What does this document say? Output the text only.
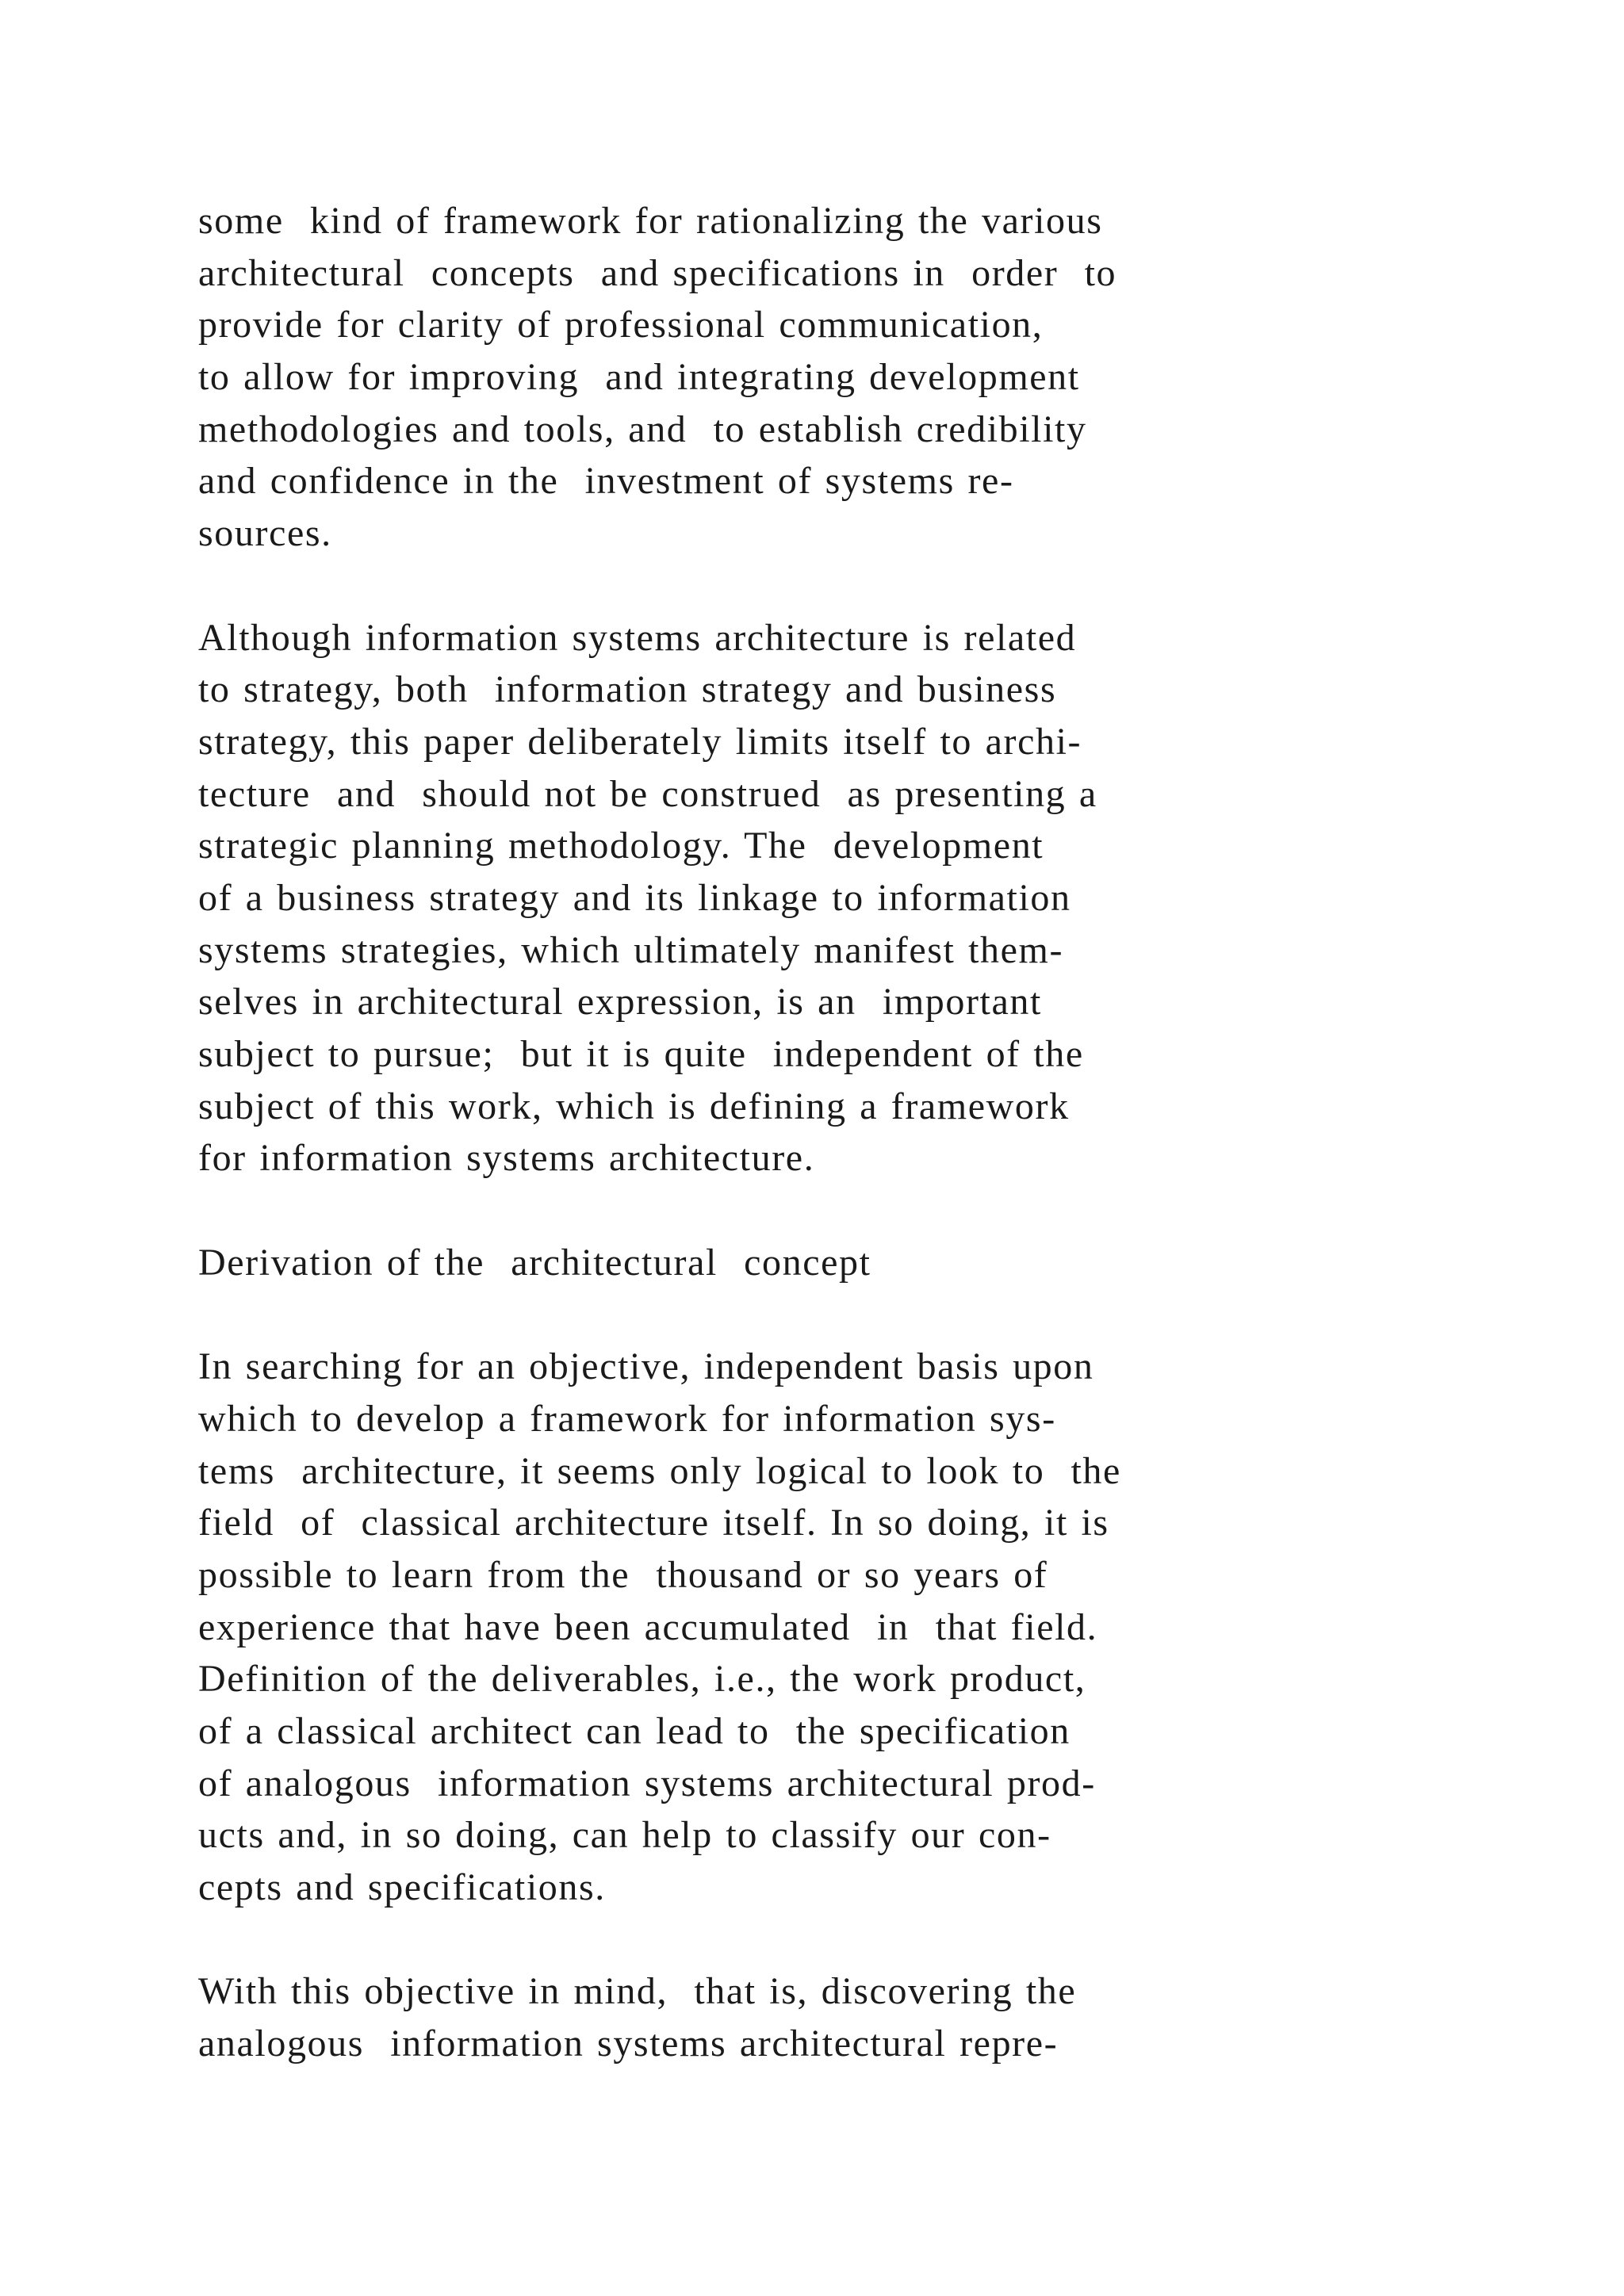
some  kind of framework for rationalizing the various
architectural  concepts  and specifications in  order  to
provide for clarity of professional communication,
to allow for improving  and integrating development
methodologies and tools, and  to establish credibility
and confidence in the  investment of systems re-
sources.
Although information systems architecture is related
to strategy, both  information strategy and business
strategy, this paper deliberately limits itself to archi-
tecture  and  should not be construed  as presenting a
strategic planning methodology. The  development
of a business strategy and its linkage to information
systems strategies, which ultimately manifest them-
selves in architectural expression, is an  important
subject to pursue;  but it is quite  independent of the
subject of this work, which is defining a framework
for information systems architecture.
Derivation of the  architectural  concept
In searching for an objective, independent basis upon
which to develop a framework for information sys-
tems  architecture, it seems only logical to look to  the
field  of  classical architecture itself. In so doing, it is
possible to learn from the  thousand or so years of
experience that have been accumulated  in  that field.
Definition of the deliverables, i.e., the work product,
of a classical architect can lead to  the specification
of analogous  information systems architectural prod-
ucts and, in so doing, can help to classify our con-
cepts and specifications.
With this objective in mind,  that is, discovering the
analogous  information systems architectural repre-
